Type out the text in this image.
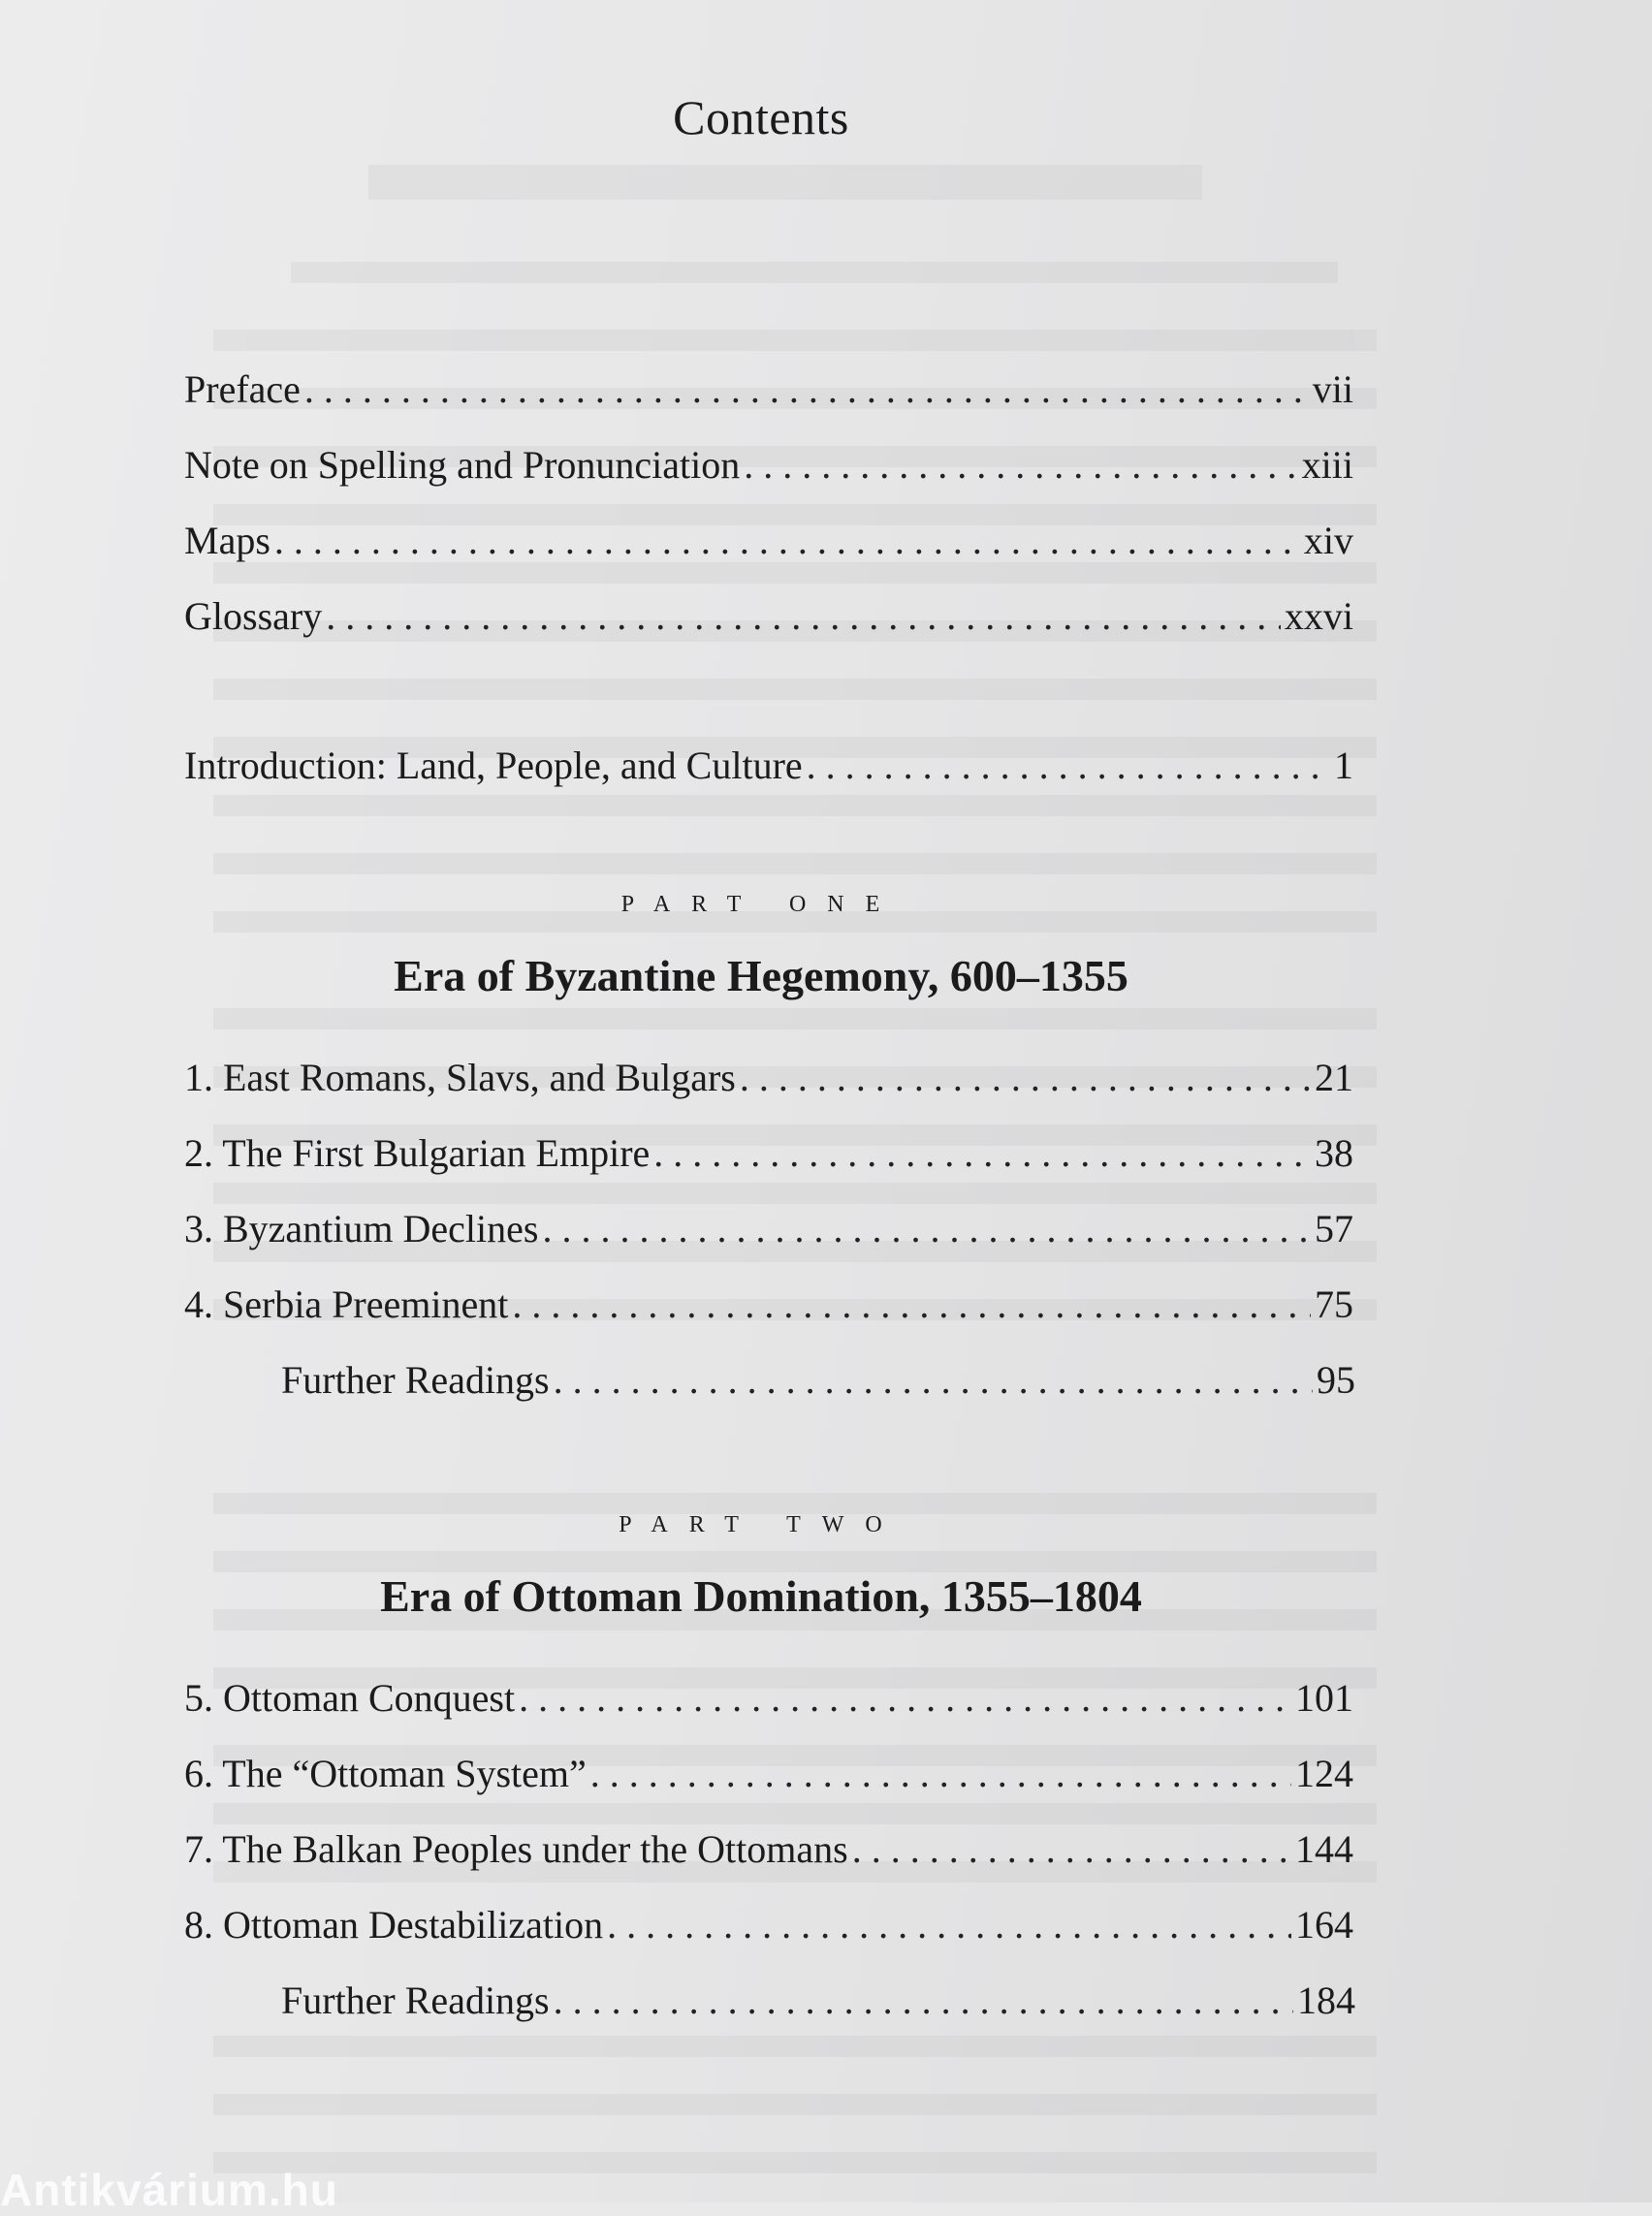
Contents
Preface . . .	vii
Note on Spelling and Pronunciation . . .	xiii
Maps . . .	xiv
Glossary . . .	xxvi
Introduction: Land, People, and Culture . . .	1
PART ONE
Era of Byzantine Hegemony, 600–1355
1. East Romans, Slavs, and Bulgars . . .	21
2. The First Bulgarian Empire . . .	38
3. Byzantium Declines . . .	57
4. Serbia Preeminent . . .	75
Further Readings . . .	95
PART TWO
Era of Ottoman Domination, 1355–1804
5. Ottoman Conquest . . .	101
6. The “Ottoman System” . . .	124
7. The Balkan Peoples under the Ottomans . . .	144
8. Ottoman Destabilization . . .	164
Further Readings . . .	184
Antikvárium.hu
